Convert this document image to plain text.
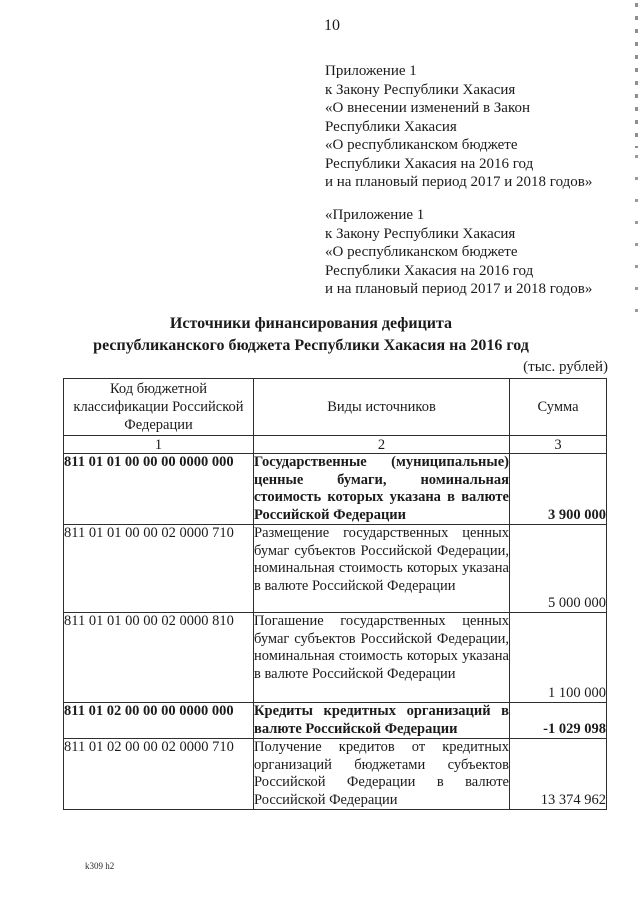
10
Приложение 1
к Закону Республики Хакасия
«О внесении изменений в Закон
Республики Хакасия
«О республиканском бюджете
Республики Хакасия на 2016 год
и на плановый период 2017 и 2018 годов»
«Приложение 1
к Закону Республики Хакасия
«О республиканском бюджете
Республики Хакасия на 2016 год
и на плановый период 2017 и 2018 годов»
Источники финансирования дефицита
республиканского бюджета Республики Хакасия на 2016 год
(тыс. рублей)
Код бюджетной классификации Российской Федерации	Виды источников	Сумма
1	2	3
811 01 01 00 00 00 0000 000	Государственные (муниципальные) ценные бумаги, номинальная стоимость которых указана в валюте Российской Федерации	3 900 000
811 01 01 00 00 02 0000 710	Размещение государственных ценных бумаг субъектов Российской Федерации, номинальная стоимость которых указана в валюте Российской Федерации	5 000 000
811 01 01 00 00 02 0000 810	Погашение государственных ценных бумаг субъектов Российской Федерации, номинальная стоимость которых указана в валюте Российской Федерации	1 100 000
811 01 02 00 00 00 0000 000	Кредиты кредитных организаций в валюте Российской Федерации	-1 029 098
811 01 02 00 00 02 0000 710	Получение кредитов от кредитных организаций бюджетами субъектов Российской Федерации в валюте Российской Федерации	13 374 962
k309 h2
